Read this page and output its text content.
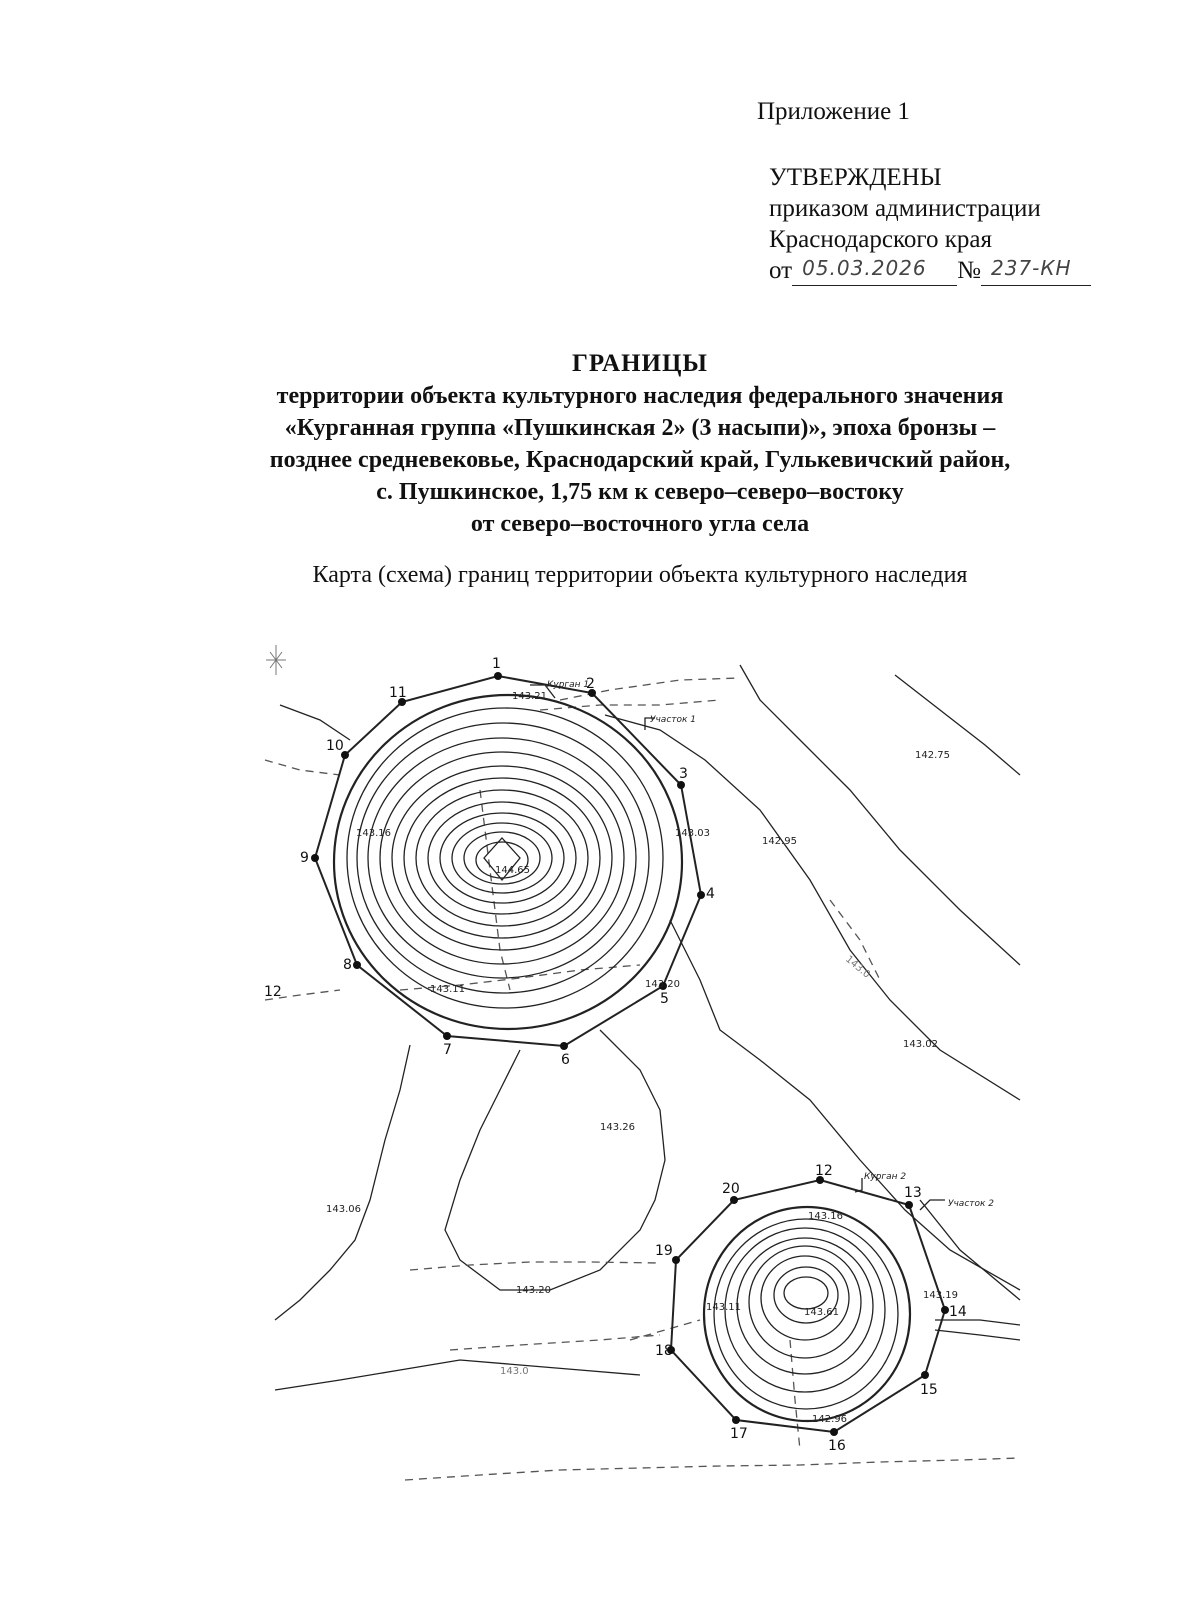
Приложение 1
УТВЕРЖДЕНЫ
приказом администрации
Краснодарского края
от 05.03.2026 № 237-КН
ГРАНИЦЫ
территории объекта культурного наследия федерального значения
«Курганная группа «Пушкинская 2» (3 насыпи)», эпоха бронзы –
позднее средневековье, Краснодарский край, Гулькевичский район,
с. Пушкинское, 1,75 км к северо–северо–востоку
от северо–восточного угла села
Карта (схема) границ территории объекта культурного наследия
1
2
3
4
5
6
7
8
9
10
11
12
13
14
15
16
17
18
19
20
12
Курган 1
Участок 1
Курган 2
Участок 2
142.75
142.95
143.02
143.26
143.06
143.20
143.21
143.16
144.65
143.03
143.11	143.20
143.16
143.19
143.11	143.61
142.96
143.0
143.0
